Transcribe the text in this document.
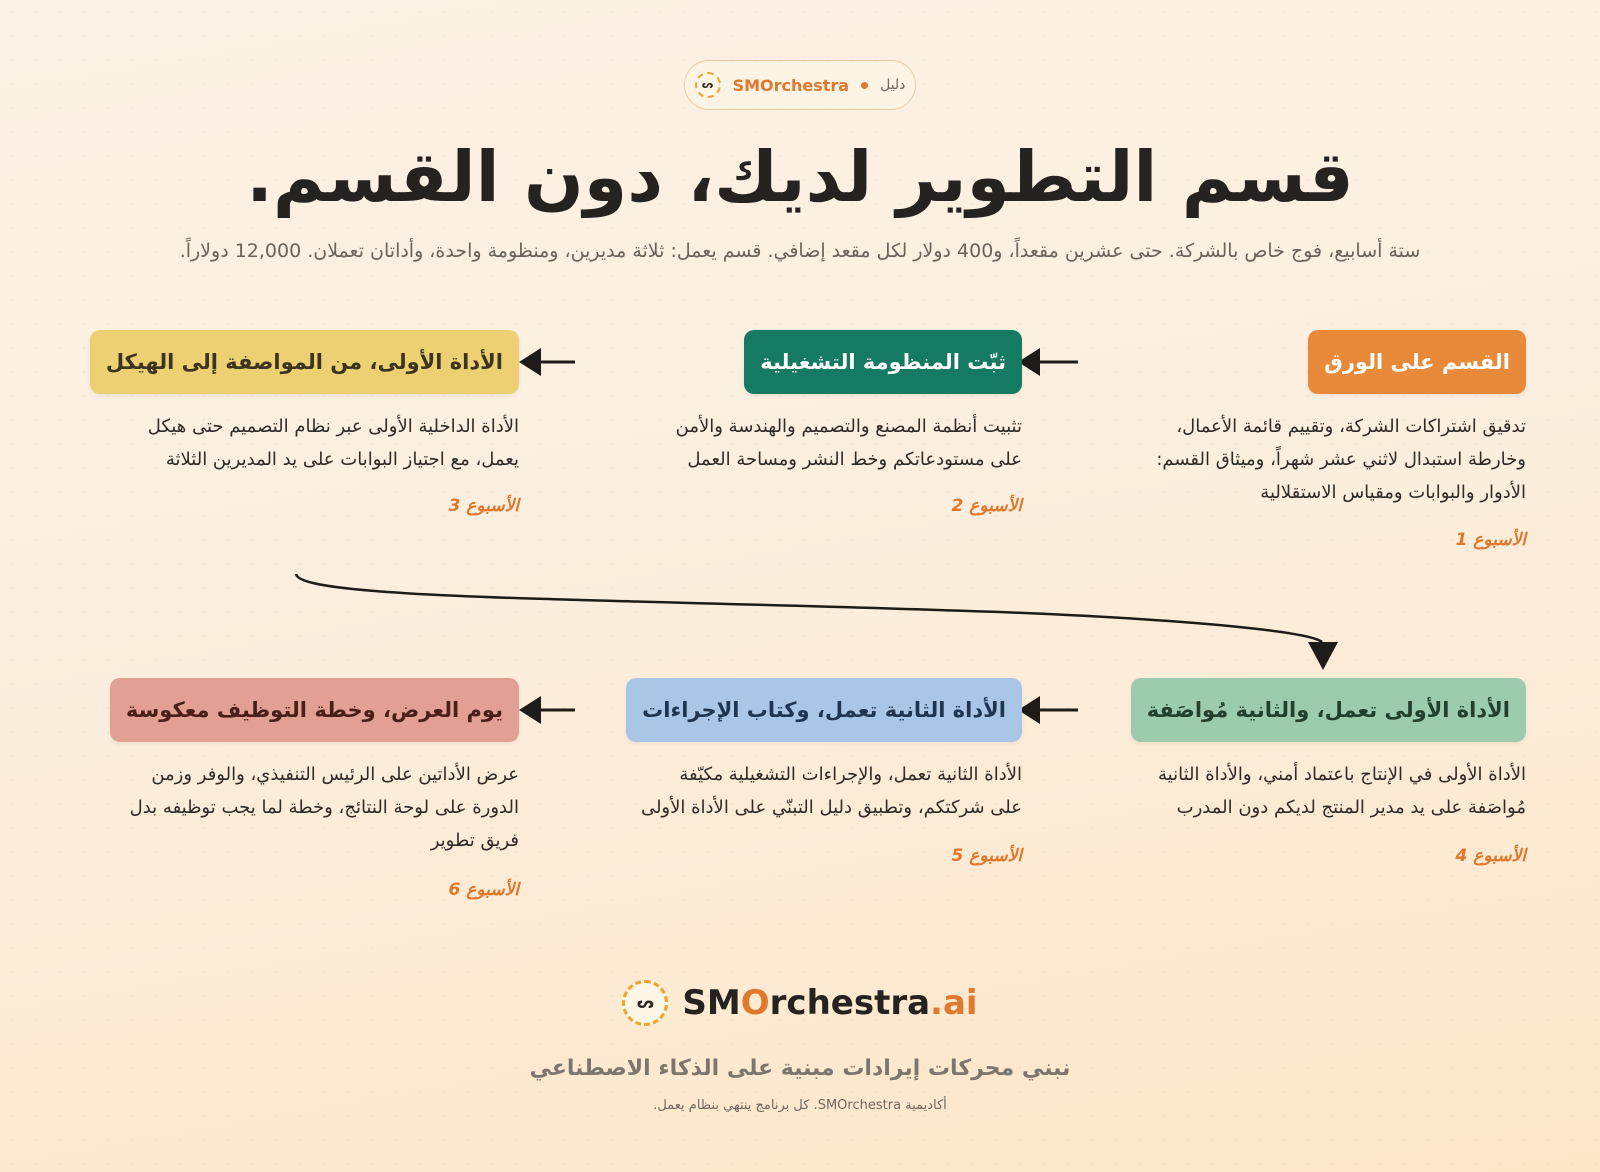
ᔕ	SMOrchestra دليل
قسم التطوير لديك، دون القسم.
ستة أسابيع، فوج خاص بالشركة. حتى عشرين مقعداً، و400 دولار لكل مقعد إضافي. قسم يعمل: ثلاثة مديرين، ومنظومة واحدة، وأداتان تعملان. 12,000 دولاراً.
القسم على الورق
تدقيق اشتراكات الشركة، وتقييم قائمة الأعمال،
وخارطة استبدال لاثني عشر شهراً، وميثاق القسم:
الأدوار والبوابات ومقياس الاستقلالية
الأسبوع 1
ثبّت المنظومة التشغيلية
تثبيت أنظمة المصنع والتصميم والهندسة والأمن
على مستودعاتكم وخط النشر ومساحة العمل
الأسبوع 2
الأداة الأولى، من المواصفة إلى الهيكل
الأداة الداخلية الأولى عبر نظام التصميم حتى هيكل
يعمل، مع اجتياز البوابات على يد المديرين الثلاثة
الأسبوع 3
الأداة الأولى تعمل، والثانية مُواصَفة
الأداة الأولى في الإنتاج باعتماد أمني، والأداة الثانية
مُواصَفة على يد مدير المنتج لديكم دون المدرب
الأسبوع 4
الأداة الثانية تعمل، وكتاب الإجراءات
الأداة الثانية تعمل، والإجراءات التشغيلية مكيّفة
على شركتكم، وتطبيق دليل التبنّي على الأداة الأولى
الأسبوع 5
يوم العرض، وخطة التوظيف معكوسة
عرض الأداتين على الرئيس التنفيذي، والوفر وزمن
الدورة على لوحة النتائج، وخطة لما يجب توظيفه بدل
فريق تطوير
الأسبوع 6
ᔕ SMOrchestra.ai
نبني محركات إيرادات مبنية على الذكاء الاصطناعي
أكاديمية SMOrchestra. كل برنامج ينتهي بنظام يعمل.
